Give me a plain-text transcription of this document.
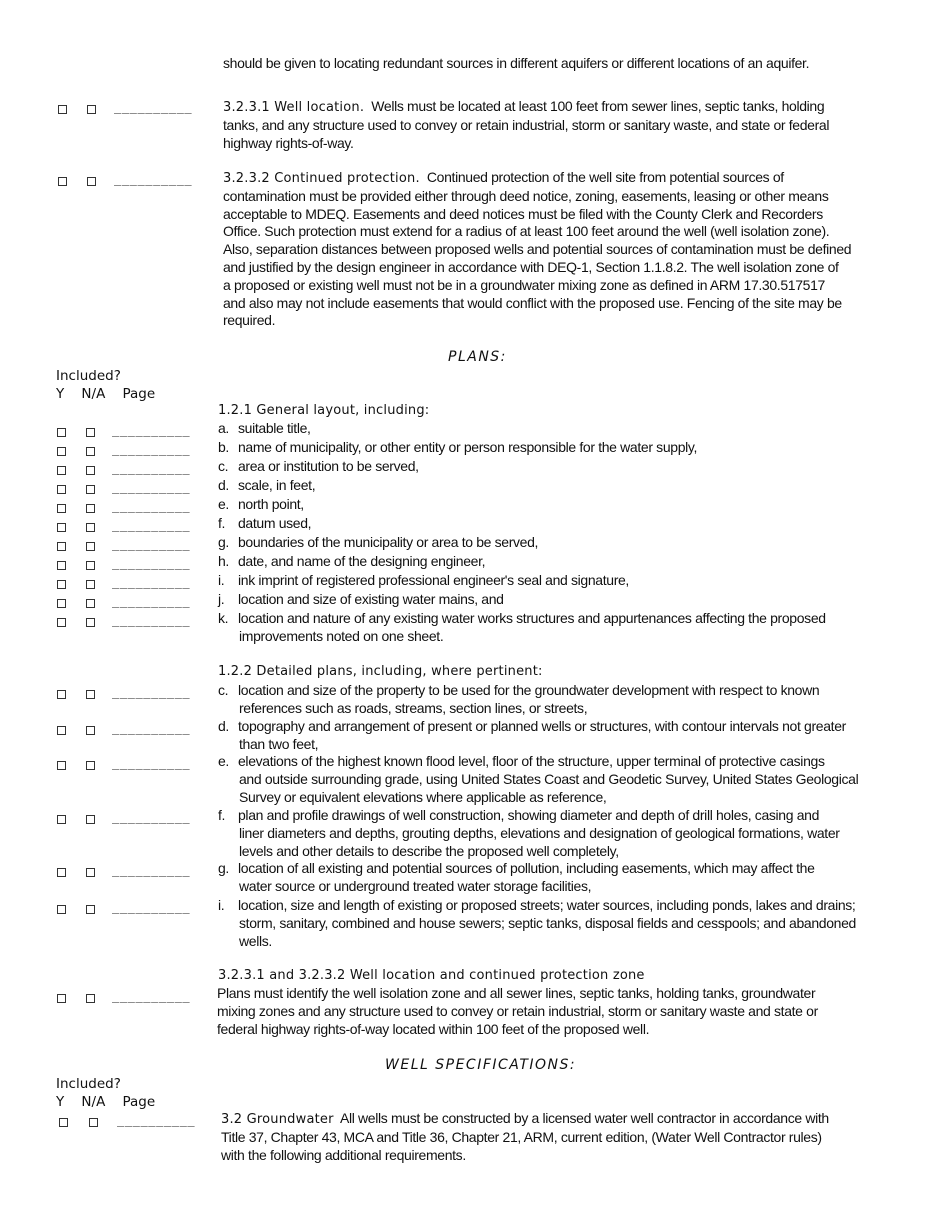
should be given to locating redundant sources in different aquifers or different locations of an aquifer.
__________ 3.2.3.1 Well location. Wells must be located at least 100 feet from sewer lines, septic tanks, holding
tanks, and any structure used to convey or retain industrial, storm or sanitary waste, and state or federal
highway rights-of-way.
__________ 3.2.3.2 Continued protection. Continued protection of the well site from potential sources of
contamination must be provided either through deed notice, zoning, easements, leasing or other means
acceptable to MDEQ. Easements and deed notices must be filed with the County Clerk and Recorders
Office. Such protection must extend for a radius of at least 100 feet around the well (well isolation zone).
Also, separation distances between proposed wells and potential sources of contamination must be defined
and justified by the design engineer in accordance with DEQ-1, Section 1.1.8.2. The well isolation zone of
a proposed or existing well must not be in a groundwater mixing zone as defined in ARM 17.30.517517
and also may not include easements that would conflict with the proposed use. Fencing of the site may be
required.
PLANS:
Included?
Y N/A Page
1.2.1 General layout, including:
__________ a. suitable title,
__________ b. name of municipality, or other entity or person responsible for the water supply,
__________ c. area or institution to be served,
__________ d. scale, in feet,
__________ e. north point,
__________ f. datum used,
__________ g. boundaries of the municipality or area to be served,
__________ h. date, and name of the designing engineer,
__________ i. ink imprint of registered professional engineer's seal and signature,
__________ j. location and size of existing water mains, and
__________ k. location and nature of any existing water works structures and appurtenances affecting the proposed
improvements noted on one sheet.
1.2.2 Detailed plans, including, where pertinent:
__________ c. location and size of the property to be used for the groundwater development with respect to known
references such as roads, streams, section lines, or streets,
__________ d. topography and arrangement of present or planned wells or structures, with contour intervals not greater
than two feet,
__________ e. elevations of the highest known flood level, floor of the structure, upper terminal of protective casings
and outside surrounding grade, using United States Coast and Geodetic Survey, United States Geological
Survey or equivalent elevations where applicable as reference,
__________ f. plan and profile drawings of well construction, showing diameter and depth of drill holes, casing and
liner diameters and depths, grouting depths, elevations and designation of geological formations, water
levels and other details to describe the proposed well completely,
__________ g. location of all existing and potential sources of pollution, including easements, which may affect the
water source or underground treated water storage facilities,
__________ i. location, size and length of existing or proposed streets; water sources, including ponds, lakes and drains;
storm, sanitary, combined and house sewers; septic tanks, disposal fields and cesspools; and abandoned
wells.
3.2.3.1 and 3.2.3.2 Well location and continued protection zone
__________ Plans must identify the well isolation zone and all sewer lines, septic tanks, holding tanks, groundwater
mixing zones and any structure used to convey or retain industrial, storm or sanitary waste and state or
federal highway rights-of-way located within 100 feet of the proposed well.
WELL SPECIFICATIONS:
Included?
Y N/A Page
__________ 3.2 Groundwater All wells must be constructed by a licensed water well contractor in accordance with
Title 37, Chapter 43, MCA and Title 36, Chapter 21, ARM, current edition, (Water Well Contractor rules)
with the following additional requirements.
